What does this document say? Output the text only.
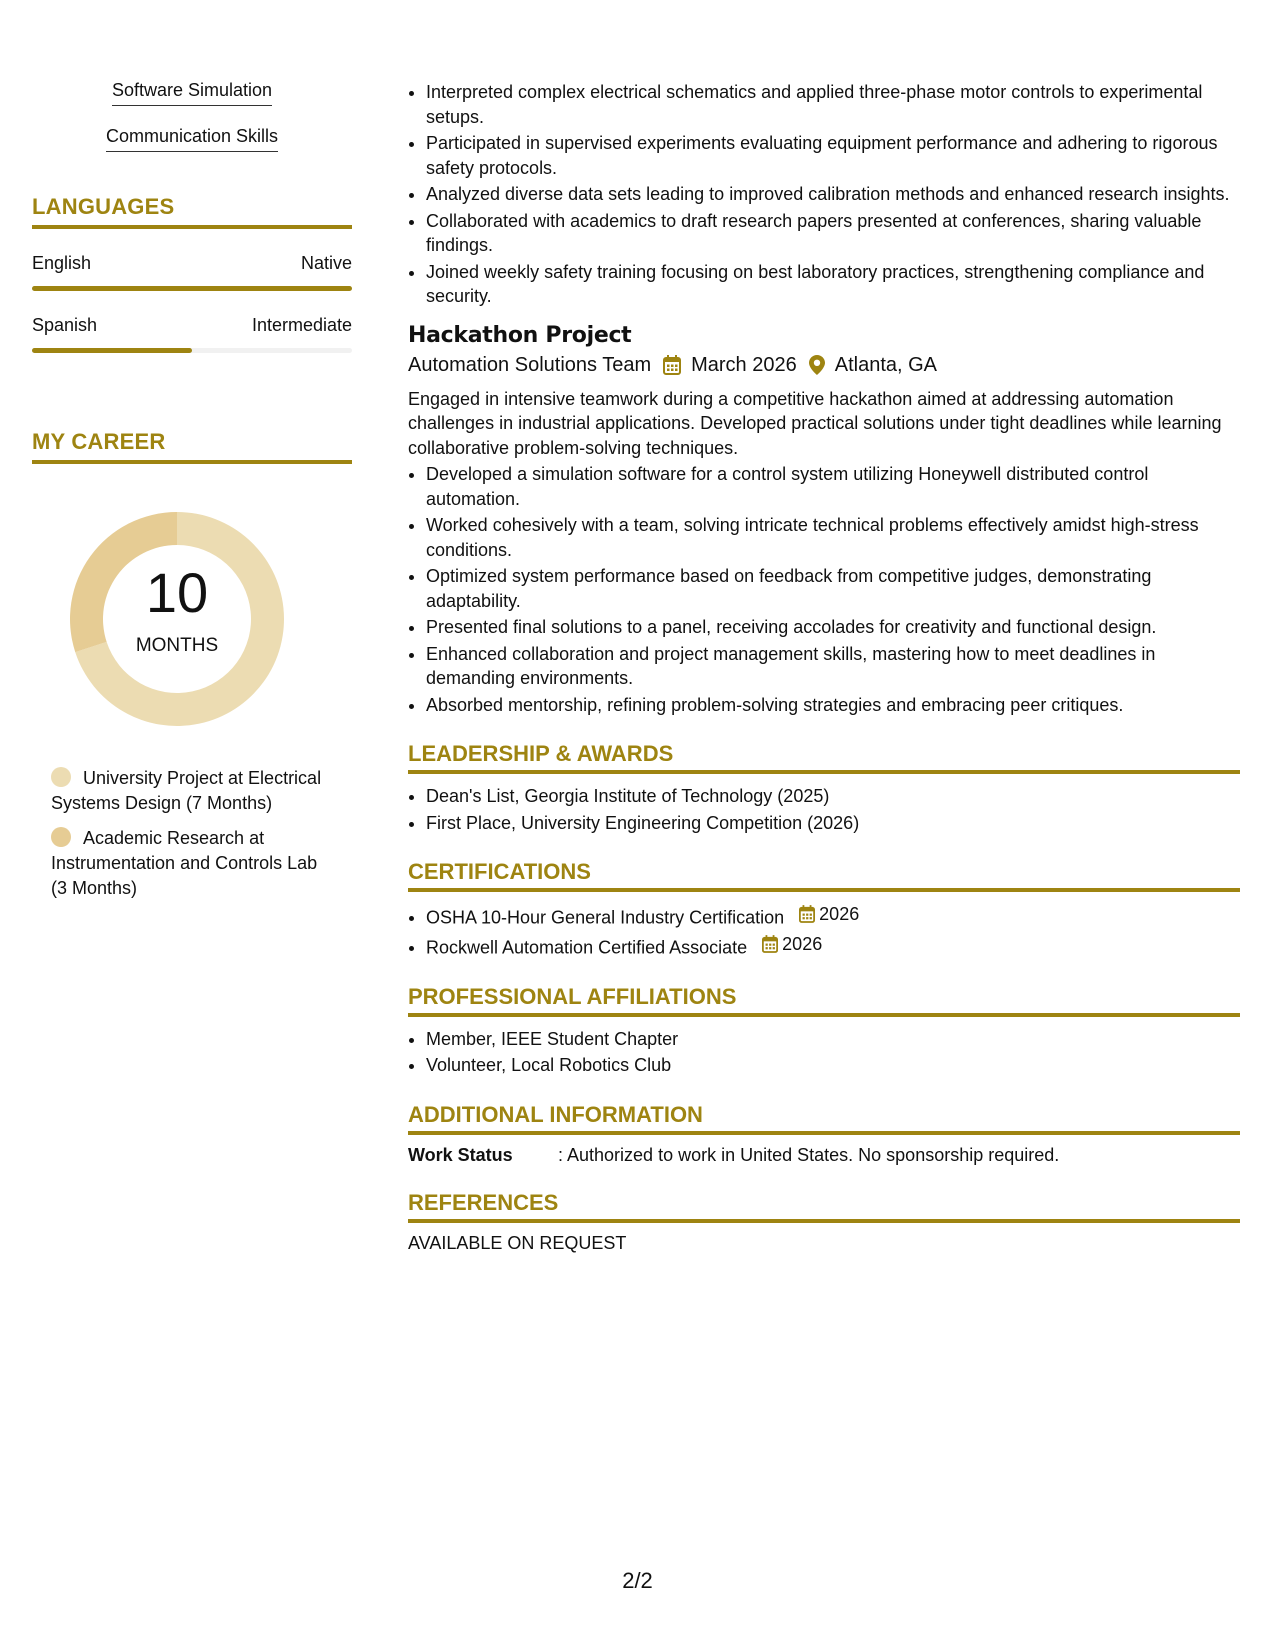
Software Simulation
Communication Skills
LANGUAGES
English	Native
Spanish	Intermediate
MY CAREER
10
MONTHS
University Project at Electrical Systems Design (7 Months)
Academic Research at Instrumentation and Controls Lab (3 Months)
• Interpreted complex electrical schematics and applied three-phase motor controls to experimental setups.
• Participated in supervised experiments evaluating equipment performance and adhering to rigorous safety protocols.
• Analyzed diverse data sets leading to improved calibration methods and enhanced research insights.
• Collaborated with academics to draft research papers presented at conferences, sharing valuable findings.
• Joined weekly safety training focusing on best laboratory practices, strengthening compliance and security.
Hackathon Project
Automation Solutions Team March 2026 Atlanta, GA
Engaged in intensive teamwork during a competitive hackathon aimed at addressing automation challenges in industrial applications. Developed practical solutions under tight deadlines while learning collaborative problem-solving techniques.
• Developed a simulation software for a control system utilizing Honeywell distributed control automation.
• Worked cohesively with a team, solving intricate technical problems effectively amidst high-stress conditions.
• Optimized system performance based on feedback from competitive judges, demonstrating adaptability.
• Presented final solutions to a panel, receiving accolades for creativity and functional design.
• Enhanced collaboration and project management skills, mastering how to meet deadlines in demanding environments.
• Absorbed mentorship, refining problem-solving strategies and embracing peer critiques.
LEADERSHIP & AWARDS
• Dean's List, Georgia Institute of Technology (2025)
• First Place, University Engineering Competition (2026)
CERTIFICATIONS
• OSHA 10-Hour General Industry Certification 2026
• Rockwell Automation Certified Associate 2026
PROFESSIONAL AFFILIATIONS
• Member, IEEE Student Chapter
• Volunteer, Local Robotics Club
ADDITIONAL INFORMATION
Work Status	: Authorized to work in United States. No sponsorship required.
REFERENCES
AVAILABLE ON REQUEST
2/2
